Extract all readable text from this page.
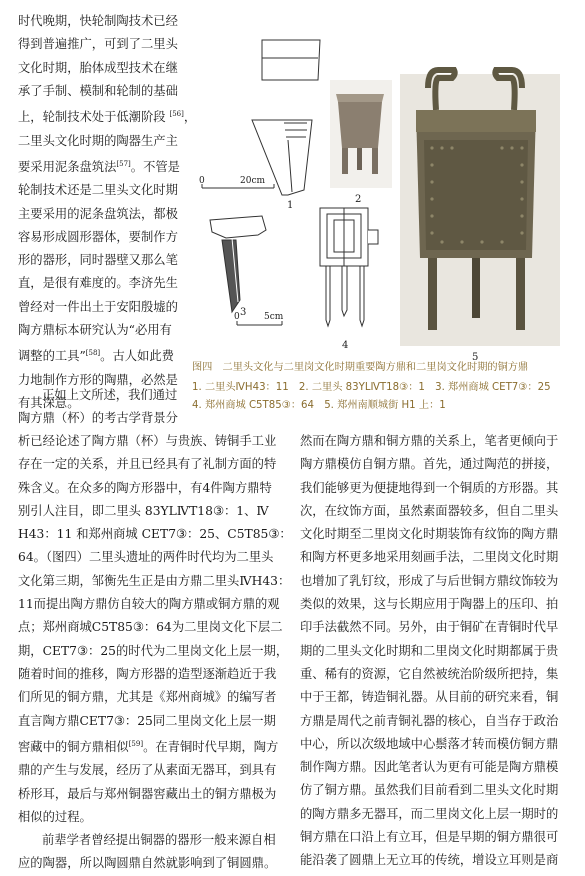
时代晚期，快轮制陶技术已经
得到普遍推广，可到了二里头
文化时期，胎体成型技术在继
承了手制、模制和轮制的基础
上，轮制技术处于低潮阶段 [56]，
二里头文化时期的陶器生产主
要采用泥条盘筑法[57]。不管是
轮制技术还是二里头文化时期
主要采用的泥条盘筑法，都极
容易形成圆形器体，要制作方
形的器形，同时器壁又那么笔
直，是很有难度的。李济先生
曾经对一件出土于安阳殷墟的
陶方鼎标本研究认为“必用有
调整的工具”[58]。古人如此费
力地制作方形的陶鼎，必然是
有其深意。
正如上文所述，我们通过
陶方鼎（杯）的考古学背景分
析已经论述了陶方鼎（杯）与贵族、铸铜手工业
存在一定的关系，并且已经具有了礼制方面的特
殊含义。在众多的陶方形器中，有4件陶方鼎特
别引人注目，即二里头 83YLⅣT18③：1、Ⅳ
H43：11 和郑州商城 CET7③：25、C5T85③：
64。（图四）二里头遗址的两件时代均为二里头
文化第三期，邹衡先生正是由方鼎二里头ⅣH43：
11而提出陶方鼎仿自较大的陶方鼎或铜方鼎的观
点；郑州商城C5T85③：64为二里岗文化下层二
期，CET7③：25的时代为二里岗文化上层一期，
随着时间的推移，陶方形器的造型逐渐趋近于我
们所见的铜方鼎，尤其是《郑州商城》的编写者
直言陶方鼎CET7③：25同二里岗文化上层一期
窖藏中的铜方鼎相似[59]。在青铜时代早期，陶方
鼎的产生与发展，经历了从素面无器耳，到具有
桥形耳，最后与郑州铜器窖藏出土的铜方鼎极为
相似的过程。
前辈学者曾经提出铜器的器形一般来源自相
应的陶器，所以陶圆鼎自然就影响到了铜圆鼎。
然而在陶方鼎和铜方鼎的关系上，笔者更倾向于
陶方鼎模仿自铜方鼎。首先，通过陶范的拼接，
我们能够更为便捷地得到一个铜质的方形器。其
次，在纹饰方面，虽然素面器较多，但自二里头
文化时期至二里岗文化时期装饰有纹饰的陶方鼎
和陶方杯更多地采用刻画手法，二里岗文化时期
也增加了乳钉纹，形成了与后世铜方鼎纹饰较为
类似的效果，这与长期应用于陶器上的压印、拍
印手法截然不同。另外，由于铜矿在青铜时代早
期的二里头文化时期和二里岗文化时期都属于贵
重、稀有的资源，它自然被统治阶级所把持，集
中于王都，铸造铜礼器。从目前的研究来看，铜
方鼎是周代之前青铜礼器的核心，自当存于政治
中心，所以次级地域中心鬃落才转而模仿铜方鼎
制作陶方鼎。因此笔者认为更有可能是陶方鼎模
仿了铜方鼎。虽然我们目前看到二里头文化时期
的陶方鼎多无器耳，而二里岗文化上层一期时的
铜方鼎在口沿上有立耳，但是早期的铜方鼎很可
能沿袭了圆鼎上无立耳的传统，增设立耳则是商
0	20cm
1
2
0	5cm
3
4
5
图四　二里头文化与二里岗文化时期重要陶方鼎和二里岗文化时期的铜方鼎
1. 二里头ⅣH43：11　2. 二里头 83YLⅣT18③：1　3. 郑州商城 CET7③：25
4. 郑州商城 C5T85③：64　5. 郑州南顺城街 H1 上：1
